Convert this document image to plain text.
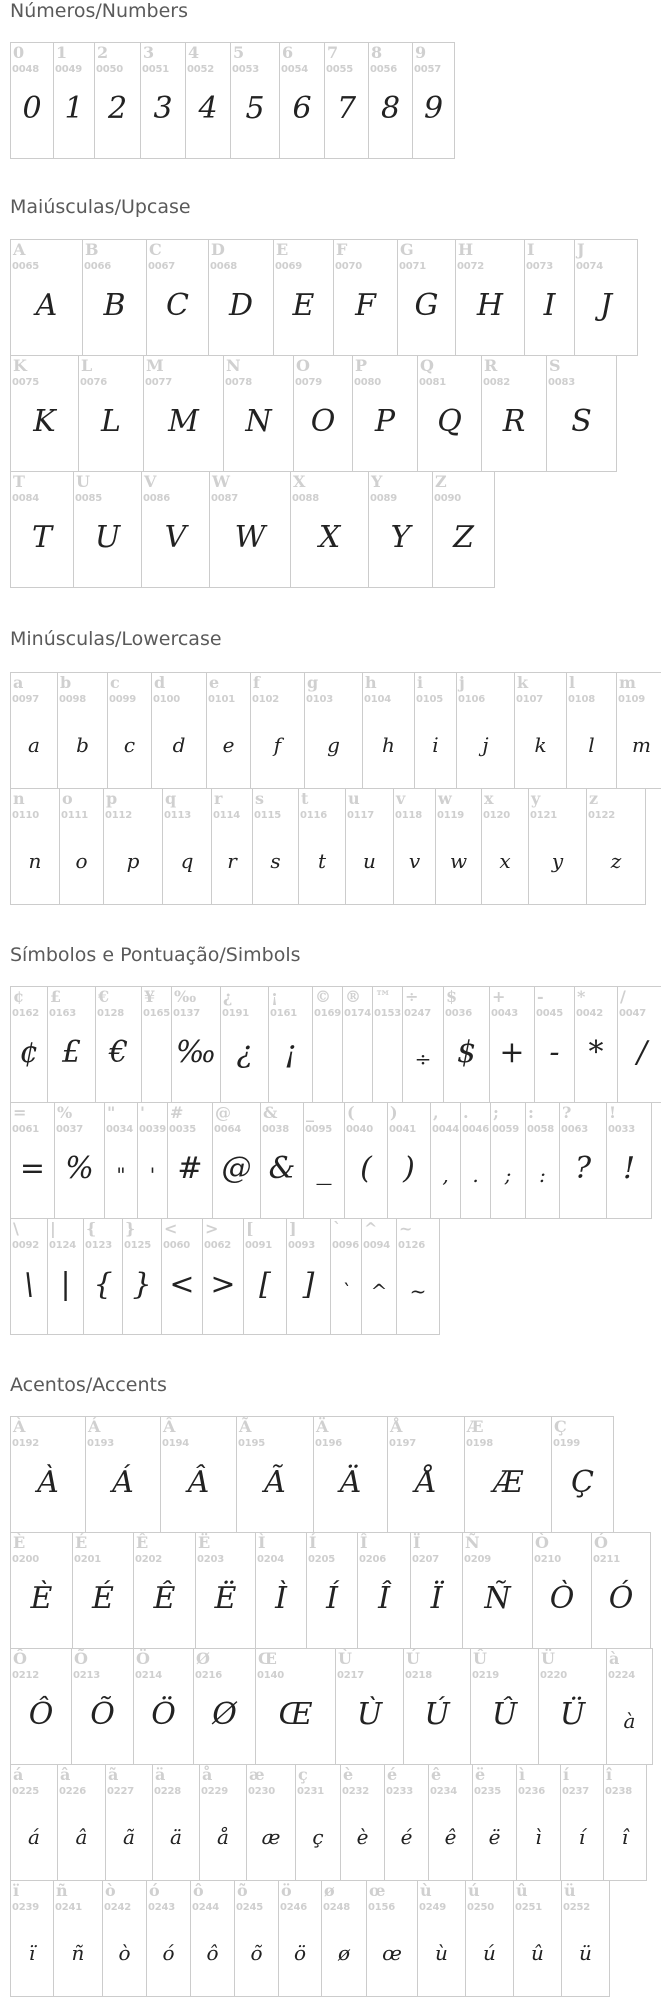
Números/Numbers
0
0048
0
1
0049
1
2
0050
2
3
0051
3
4
0052
4
5
0053
5
6
0054
6
7
0055
7
8
0056
8
9
0057
9
Maiúsculas/Upcase
A
0065
A
B
0066
B
C
0067
C
D
0068
D
E
0069
E
F
0070
F
G
0071
G
H
0072
H
I
0073
I
J
0074
J
K
0075
K
L
0076
L
M
0077
M
N
0078
N
O
0079
O
P
0080
P
Q
0081
Q
R
0082
R
S
0083
S
T
0084
T
U
0085
U
V
0086
V
W
0087
W
X
0088
X
Y
0089
Y
Z
0090
Z
Minúsculas/Lowercase
a
0097
a
b
0098
b
c
0099
c
d
0100
d
e
0101
e
f
0102
f
g
0103
g
h
0104
h
i
0105
i
j
0106
j
k
0107
k
l
0108
l
m
0109
m
n
0110
n
o
0111
o
p
0112
p
q
0113
q
r
0114
r
s
0115
s
t
0116
t
u
0117
u
v
0118
v
w
0119
w
x
0120
x
y
0121
y
z
0122
z
Símbolos e Pontuação/Simbols
¢
0162
¢
£
0163
£
€
0128
€
¥
0165
‰
0137
‰
¿
0191
¿
¡
0161
¡
©
0169
®
0174
™
0153
÷
0247
÷
$
0036
$
+
0043
+
-
0045
-
*
0042
*
/
0047
/
=
0061
=
%
0037
%
"
0034
"
'
0039
'
#
0035
#
@
0064
@
&
0038
&
_
0095
_
(
0040
(
)
0041
)
,
0044
,
.
0046
.
;
0059
;
:
0058
:
?
0063
?
!
0033
!
\
0092
\
|
0124
|
{
0123
{
}
0125
}
<
0060
<
>
0062
>
[
0091
[
]
0093
]
`
0096
`
^
0094
^
~
0126
~
Acentos/Accents
À
0192
À
Á
0193
Á
Â
0194
Â
Ã
0195
Ã
Ä
0196
Ä
Å
0197
Å
Æ
0198
Æ
Ç
0199
Ç
È
0200
È
É
0201
É
Ê
0202
Ê
Ë
0203
Ë
Ì
0204
Ì
Í
0205
Í
Î
0206
Î
Ï
0207
Ï
Ñ
0209
Ñ
Ò
0210
Ò
Ó
0211
Ó
Ô
0212
Ô
Õ
0213
Õ
Ö
0214
Ö
Ø
0216
Ø
Œ
0140
Œ
Ù
0217
Ù
Ú
0218
Ú
Û
0219
Û
Ü
0220
Ü
à
0224
à
á
0225
á
â
0226
â
ã
0227
ã
ä
0228
ä
å
0229
å
æ
0230
æ
ç
0231
ç
è
0232
è
é
0233
é
ê
0234
ê
ë
0235
ë
ì
0236
ì
í
0237
í
î
0238
î
ï
0239
ï
ñ
0241
ñ
ò
0242
ò
ó
0243
ó
ô
0244
ô
õ
0245
õ
ö
0246
ö
ø
0248
ø
œ
0156
œ
ù
0249
ù
ú
0250
ú
û
0251
û
ü
0252
ü
